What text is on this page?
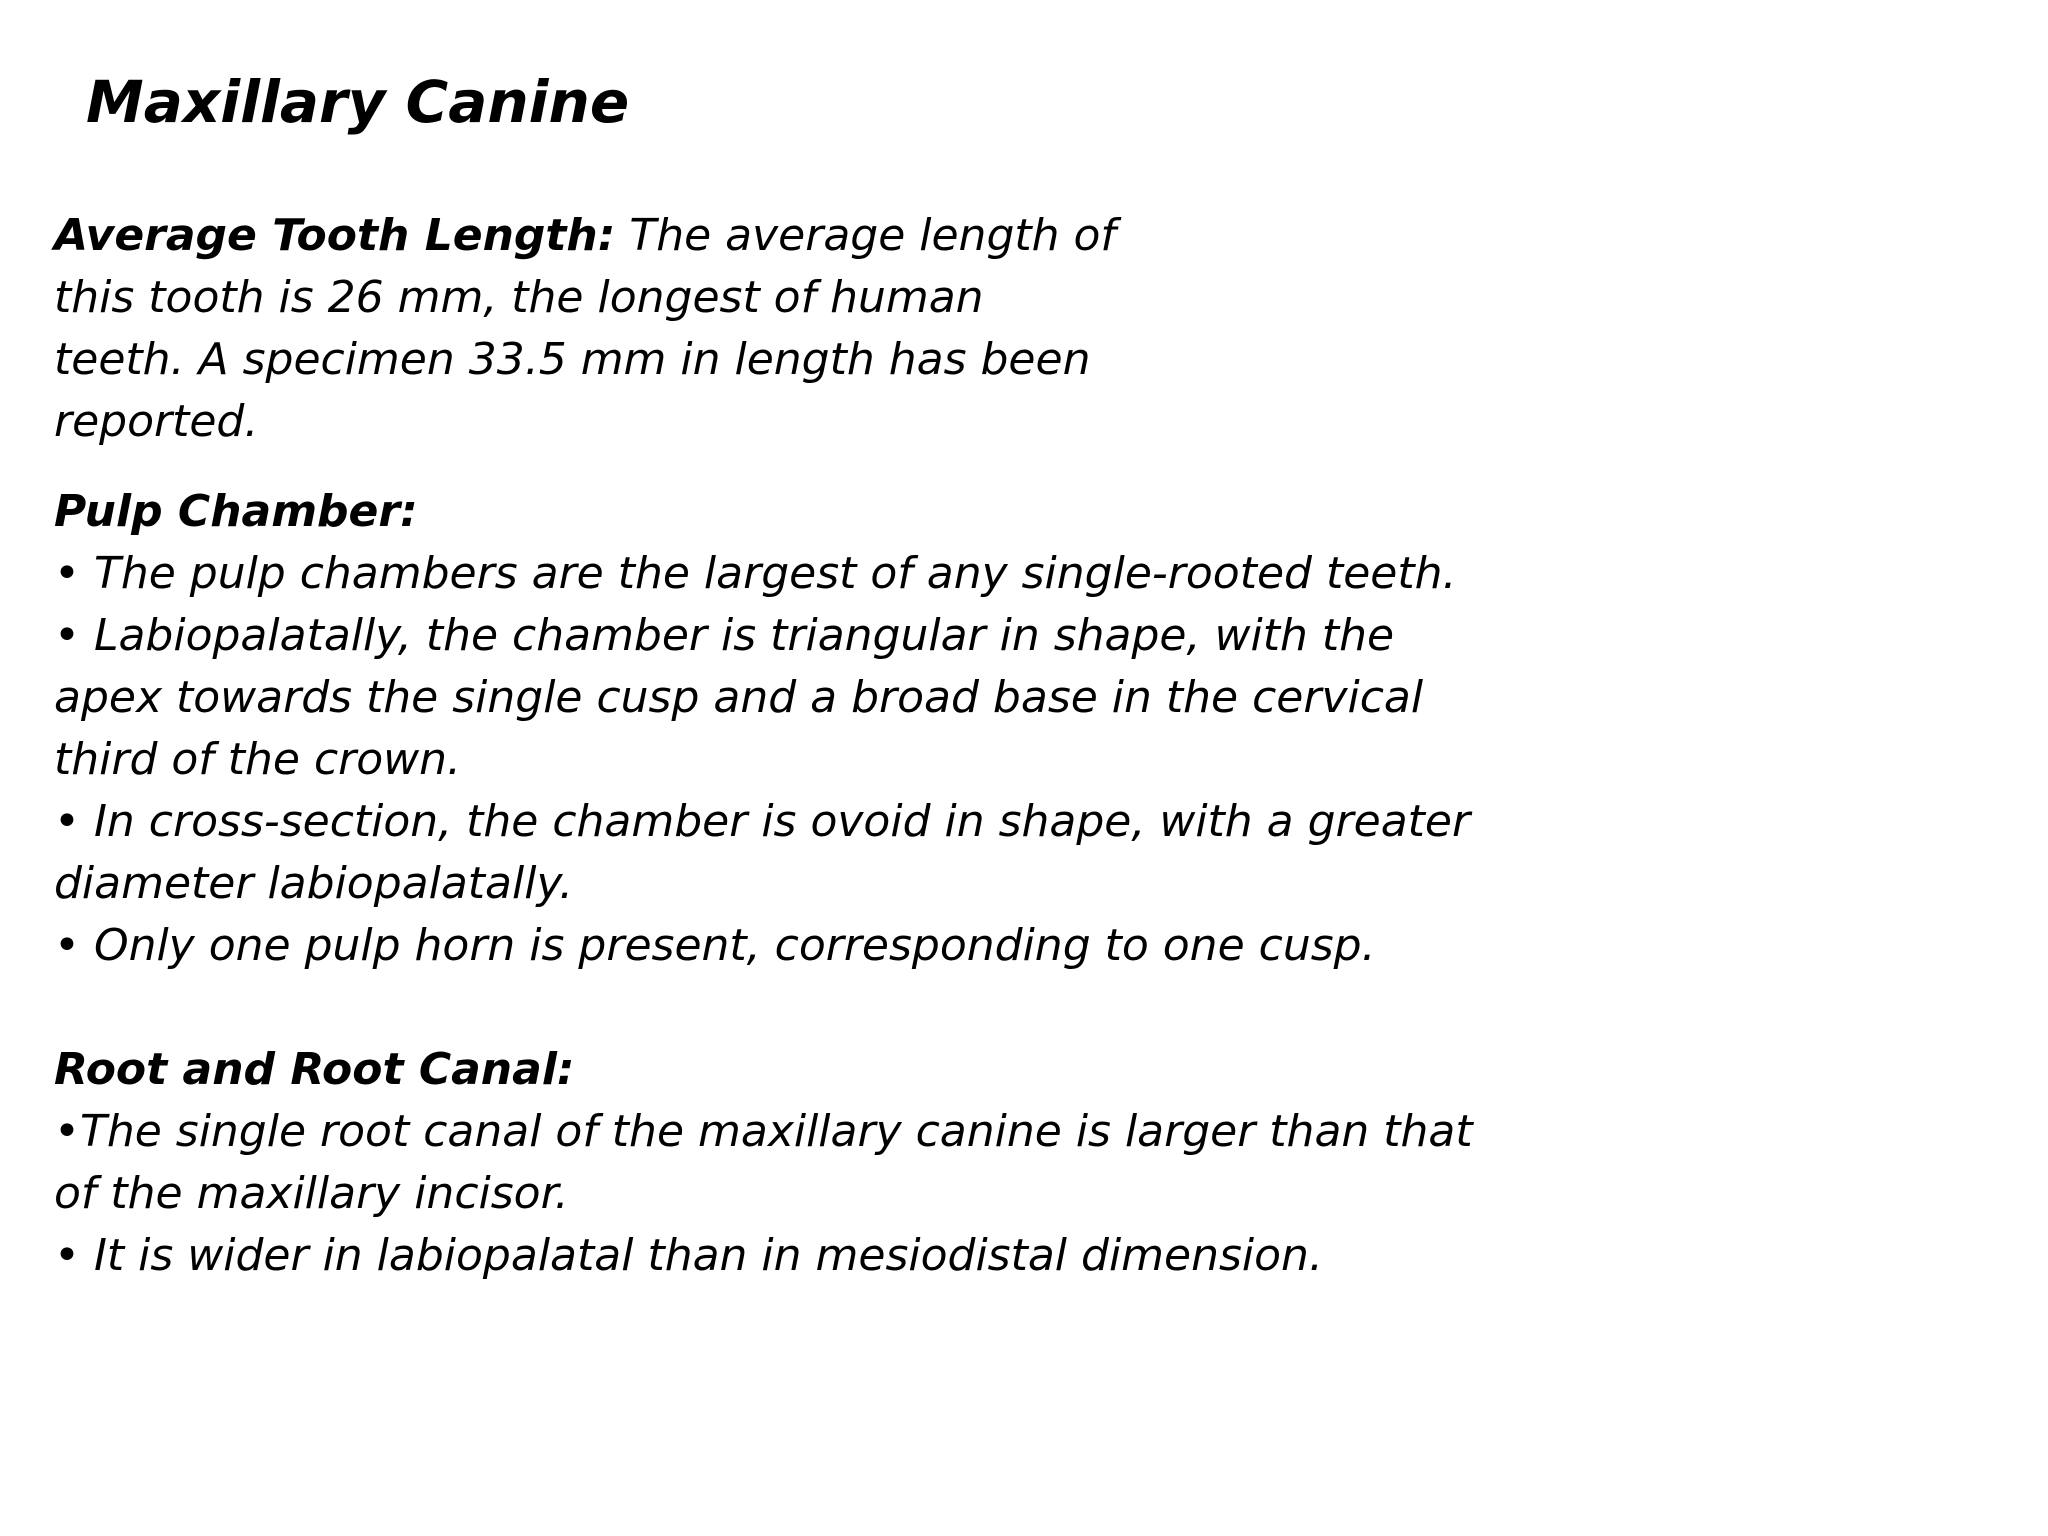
Maxillary Canine
Average Tooth Length: The average length of
this tooth is 26 mm, the longest of human
teeth. A specimen 33.5 mm in length has been
reported.
Pulp Chamber:
• The pulp chambers are the largest of any single-rooted teeth.
• Labiopalatally, the chamber is triangular in shape, with the
apex towards the single cusp and a broad base in the cervical
third of the crown.
• In cross-section, the chamber is ovoid in shape, with a greater
diameter labiopalatally.
• Only one pulp horn is present, corresponding to one cusp.
Root and Root Canal:
•The single root canal of the maxillary canine is larger than that
of the maxillary incisor.
• It is wider in labiopalatal than in mesiodistal dimension.
